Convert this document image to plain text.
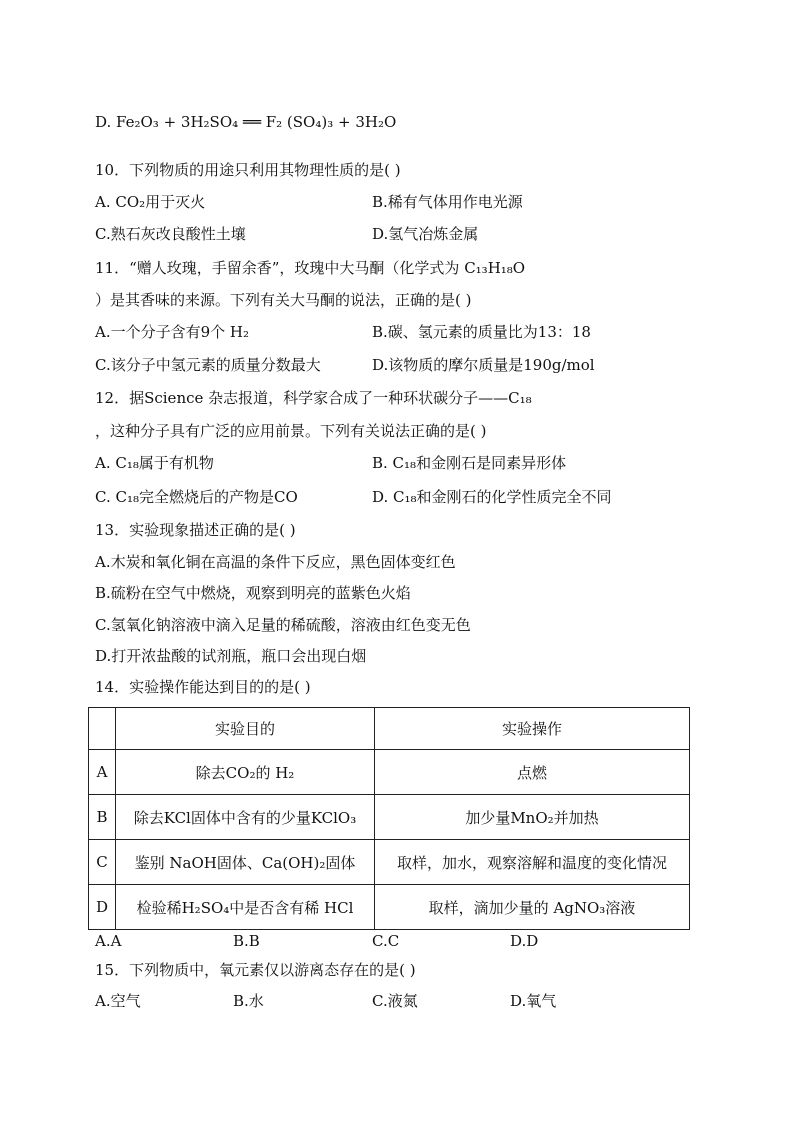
D. Fe₂O₃ + 3H₂SO₄ ══ F₂ (SO₄)₃ + 3H₂O
10．下列物质的用途只利用其物理性质的是( )
A. CO₂用于灭火	B.稀有气体用作电光源
C.熟石灰改良酸性土壤	D.氢气冶炼金属
11．“赠人玫瑰，手留余香”，玫瑰中大马酮（化学式为 C₁₃H₁₈O
）是其香味的来源。下列有关大马酮的说法，正确的是( )
A.一个分子含有9个 H₂	B.碳、氢元素的质量比为13：18
C.该分子中氢元素的质量分数最大	D.该物质的摩尔质量是190g/mol
12．据Science 杂志报道，科学家合成了一种环状碳分子——C₁₈
，这种分子具有广泛的应用前景。下列有关说法正确的是( )
A. C₁₈属于有机物	B. C₁₈和金刚石是同素异形体
C. C₁₈完全燃烧后的产物是CO	D. C₁₈和金刚石的化学性质完全不同
13．实验现象描述正确的是( )
A.木炭和氧化铜在高温的条件下反应，黑色固体变红色
B.硫粉在空气中燃烧，观察到明亮的蓝紫色火焰
C.氢氧化钠溶液中滴入足量的稀硫酸，溶液由红色变无色
D.打开浓盐酸的试剂瓶，瓶口会出现白烟
14．实验操作能达到目的的是( )
	实验目的	实验操作
A	除去CO₂的 H₂	点燃
B	除去KCl固体中含有的少量KClO₃	加少量MnO₂并加热
C	鉴别 NaOH固体、Ca(OH)₂固体	取样，加水，观察溶解和温度的变化情况
D	检验稀H₂SO₄中是否含有稀 HCl	取样，滴加少量的 AgNO₃溶液
A.A	B.B	C.C	D.D
15．下列物质中，氧元素仅以游离态存在的是( )
A.空气	B.水	C.液氮	D.氧气
